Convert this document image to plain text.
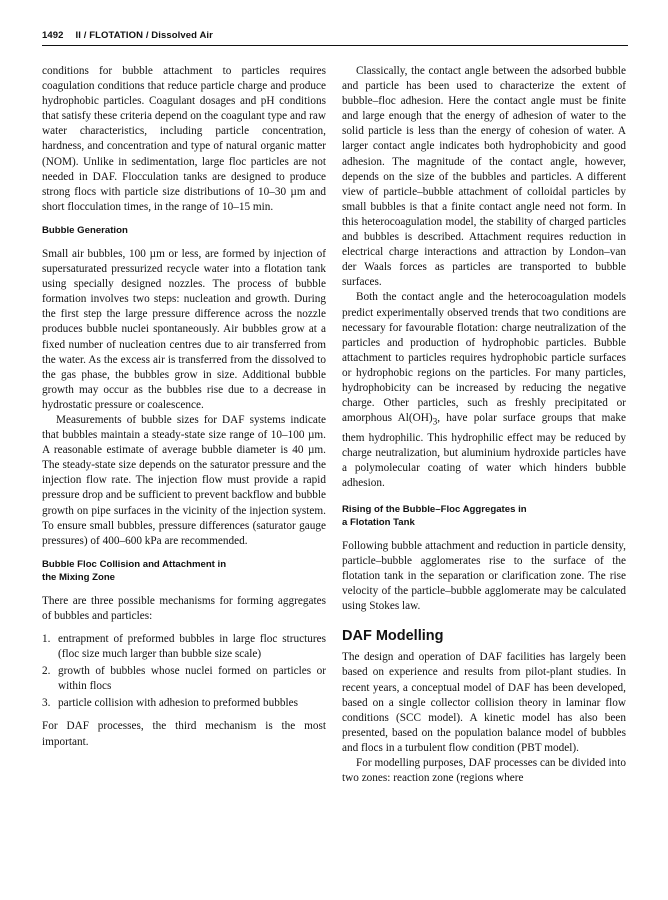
1492 II / FLOTATION / Dissolved Air

conditions for bubble attachment to particles requires coagulation conditions that reduce particle charge and produce hydrophobic particles. Coagulant dosages and pH conditions that satisfy these criteria depend on the coagulant type and raw water characteristics, including particle concentration, hardness, and concentration and type of natural organic matter (NOM). Unlike in sedimentation, large floc particles are not needed in DAF. Flocculation tanks are designed to produce strong flocs with particle size distributions of 10–30 µm and short flocculation times, in the range of 10–15 min.

Bubble Generation

Small air bubbles, 100 µm or less, are formed by injection of supersaturated pressurized recycle water into a flotation tank using specially designed nozzles. The process of bubble formation involves two steps: nucleation and growth. During the first step the large pressure difference across the nozzle produces bubble nuclei spontaneously. Air bubbles grow at a fixed number of nucleation centres due to air transferred from the water. As the excess air is transferred from the dissolved to the gas phase, the bubbles grow in size. Additional bubble growth may occur as the bubbles rise due to a decrease in hydrostatic pressure or coalescence.

Measurements of bubble sizes for DAF systems indicate that bubbles maintain a steady-state size range of 10–100 µm. A reasonable estimate of average bubble diameter is 40 µm. The steady-state size depends on the saturator pressure and the injection flow rate. The injection flow must provide a rapid pressure drop and be sufficient to prevent backflow and bubble growth on pipe surfaces in the vicinity of the injection system. To ensure small bubbles, pressure differences (saturator gauge pressures) of 400–600 kPa are recommended.

Bubble Floc Collision and Attachment in
the Mixing Zone

There are three possible mechanisms for forming aggregates of bubbles and particles:

1. entrapment of preformed bubbles in large floc structures (floc size much larger than bubble size scale)
2. growth of bubbles whose nuclei formed on particles or within flocs
3. particle collision with adhesion to preformed bubbles

For DAF processes, the third mechanism is the most important.

Classically, the contact angle between the adsorbed bubble and particle has been used to characterize the extent of bubble–floc adhesion. Here the contact angle must be finite and large enough that the energy of adhesion of water to the solid particle is less than the energy of cohesion of water. A larger contact angle indicates both hydrophobicity and good adhesion. The magnitude of the contact angle, however, depends on the size of the bubbles and particles. A different view of particle–bubble attachment of colloidal particles by small bubbles is that a finite contact angle need not form. In this heterocoagulation model, the stability of charged particles and bubbles is described. Attachment requires reduction in electrical charge interactions and attraction by London–van der Waals forces as particles are transported to bubble surfaces.

Both the contact angle and the heterocoagulation models predict experimentally observed trends that two conditions are necessary for favourable flotation: charge neutralization of the particles and production of hydrophobic particles. Bubble attachment to particles requires hydrophobic particle surfaces or hydrophobic regions on the particles. For many particles, hydrophobicity can be increased by reducing the negative charge. Other particles, such as freshly precipitated or amorphous $Al(OH)_3$, have polar surface groups that make them hydrophilic. This hydrophilic effect may be reduced by charge neutralization, but aluminium hydroxide particles have a polymolecular coating of water which hinders bubble adhesion.

Rising of the Bubble–Floc Aggregates in
a Flotation Tank

Following bubble attachment and reduction in particle density, particle–bubble agglomerates rise to the surface of the flotation tank in the separation or clarification zone. The rise velocity of the particle–bubble agglomerate may be calculated using Stokes law.

DAF Modelling

The design and operation of DAF facilities has largely been based on experience and results from pilot-plant studies. In recent years, a conceptual model of DAF has been developed, based on a single collector collision theory in laminar flow conditions (SCC model). A kinetic model has also been presented, based on the population balance model of bubbles and flocs in a turbulent flow condition (PBT model).

For modelling purposes, DAF processes can be divided into two zones: reaction zone (regions where
